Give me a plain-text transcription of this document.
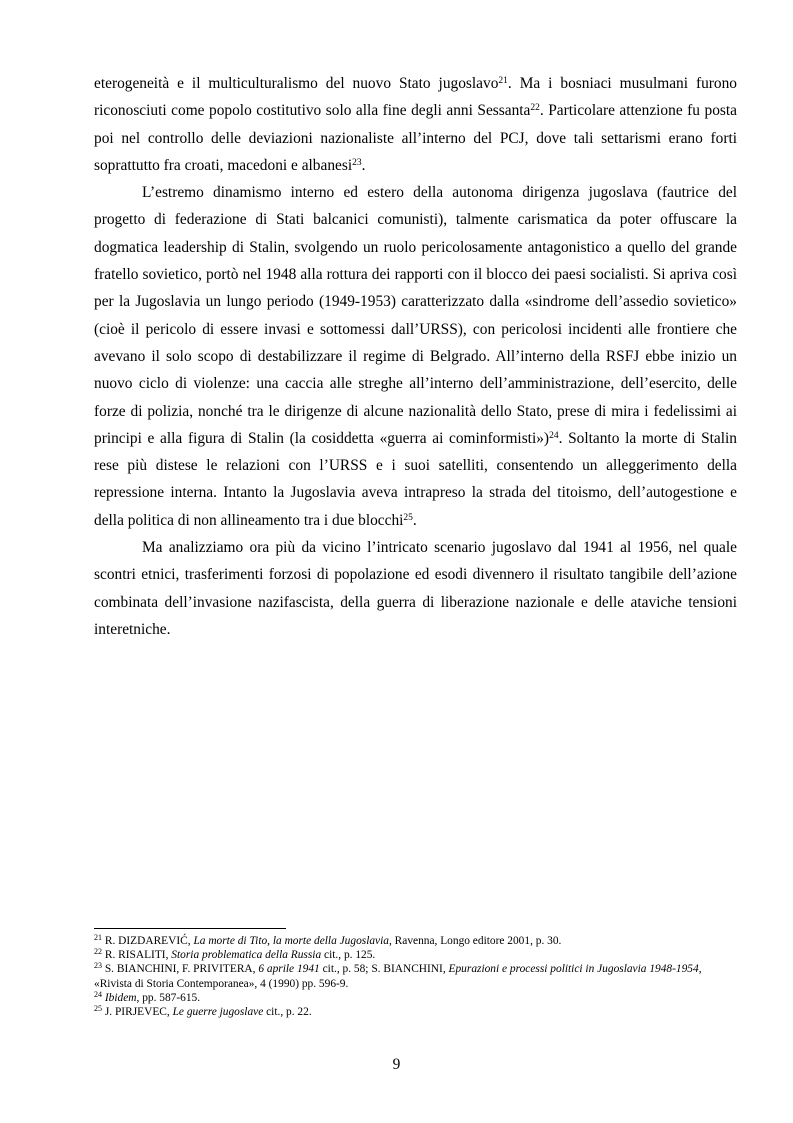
eterogeneità e il multiculturalismo del nuovo Stato jugoslavo$^{21}$. Ma i bosniaci musulmani furono riconosciuti come popolo costitutivo solo alla fine degli anni Sessanta$^{22}$. Particolare attenzione fu posta poi nel controllo delle deviazioni nazionaliste all’interno del PCJ, dove tali settarismi erano forti soprattutto fra croati, macedoni e albanesi$^{23}$.

L’estremo dinamismo interno ed estero della autonoma dirigenza jugoslava (fautrice del progetto di federazione di Stati balcanici comunisti), talmente carismatica da poter offuscare la dogmatica leadership di Stalin, svolgendo un ruolo pericolosamente antagonistico a quello del grande fratello sovietico, portò nel 1948 alla rottura dei rapporti con il blocco dei paesi socialisti. Si apriva così per la Jugoslavia un lungo periodo (1949-1953) caratterizzato dalla «sindrome dell’assedio sovietico» (cioè il pericolo di essere invasi e sottomessi dall’URSS), con pericolosi incidenti alle frontiere che avevano il solo scopo di destabilizzare il regime di Belgrado. All’interno della RSFJ ebbe inizio un nuovo ciclo di violenze: una caccia alle streghe all’interno dell’amministrazione, dell’esercito, delle forze di polizia, nonché tra le dirigenze di alcune nazionalità dello Stato, prese di mira i fedelissimi ai principi e alla figura di Stalin (la cosiddetta «guerra ai cominformisti»)$^{24}$. Soltanto la morte di Stalin rese più distese le relazioni con l’URSS e i suoi satelliti, consentendo un alleggerimento della repressione interna. Intanto la Jugoslavia aveva intrapreso la strada del titoismo, dell’autogestione e della politica di non allineamento tra i due blocchi$^{25}$.

Ma analizziamo ora più da vicino l’intricato scenario jugoslavo dal 1941 al 1956, nel quale scontri etnici, trasferimenti forzosi di popolazione ed esodi divennero il risultato tangibile dell’azione combinata dell’invasione nazifascista, della guerra di liberazione nazionale e delle ataviche tensioni interetniche.

$^{21}$ R. DIZDAREVIĆ, La morte di Tito, la morte della Jugoslavia, Ravenna, Longo editore 2001, p. 30.
$^{22}$ R. RISALITI, Storia problematica della Russia cit., p. 125.
$^{23}$ S. BIANCHINI, F. PRIVITERA, 6 aprile 1941 cit., p. 58; S. BIANCHINI, Epurazioni e processi politici in Jugoslavia 1948-1954, «Rivista di Storia Contemporanea», 4 (1990) pp. 596-9.
$^{24}$ Ibidem, pp. 587-615.
$^{25}$ J. PIRJEVEC, Le guerre jugoslave cit., p. 22.
9
